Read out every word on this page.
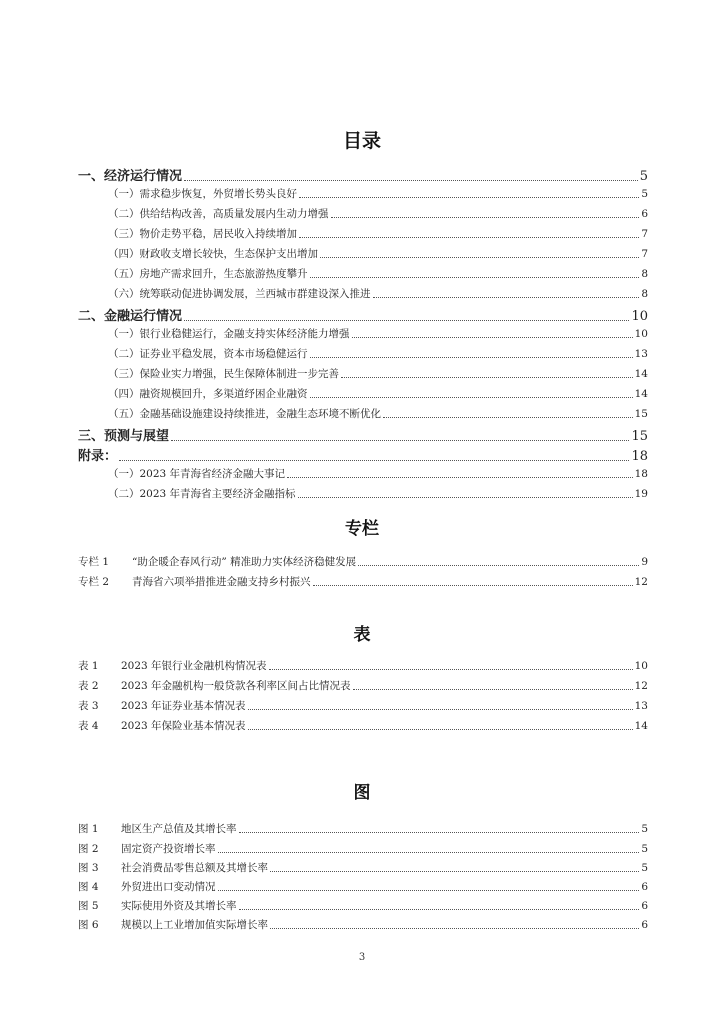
目录
一、经济运行情况	5
（一）需求稳步恢复，外贸增长势头良好	5
（二）供给结构改善，高质量发展内生动力增强	6
（三）物价走势平稳，居民收入持续增加	7
（四）财政收支增长较快，生态保护支出增加	7
（五）房地产需求回升，生态旅游热度攀升	8
（六）统筹联动促进协调发展，兰西城市群建设深入推进	8
二、金融运行情况	10
（一）银行业稳健运行，金融支持实体经济能力增强	10
（二）证券业平稳发展，资本市场稳健运行	13
（三）保险业实力增强，民生保障体制进一步完善	14
（四）融资规模回升，多渠道纾困企业融资	14
（五）金融基础设施建设持续推进，金融生态环境不断优化	15
三、预测与展望	15
附录：	18
（一）2023 年青海省经济金融大事记	18
（二）2023 年青海省主要经济金融指标	19
专栏
专栏 1	“助企暖企春风行动” 精准助力实体经济稳健发展	9
专栏 2	青海省六项举措推进金融支持乡村振兴	12
表
表 1	2023 年银行业金融机构情况表	10
表 2	2023 年金融机构一般贷款各利率区间占比情况表	12
表 3	2023 年证券业基本情况表	13
表 4	2023 年保险业基本情况表	14
图
图 1	地区生产总值及其增长率	5
图 2	固定资产投资增长率	5
图 3	社会消费品零售总额及其增长率	5
图 4	外贸进出口变动情况	6
图 5	实际使用外资及其增长率	6
图 6	规模以上工业增加值实际增长率	6
3
